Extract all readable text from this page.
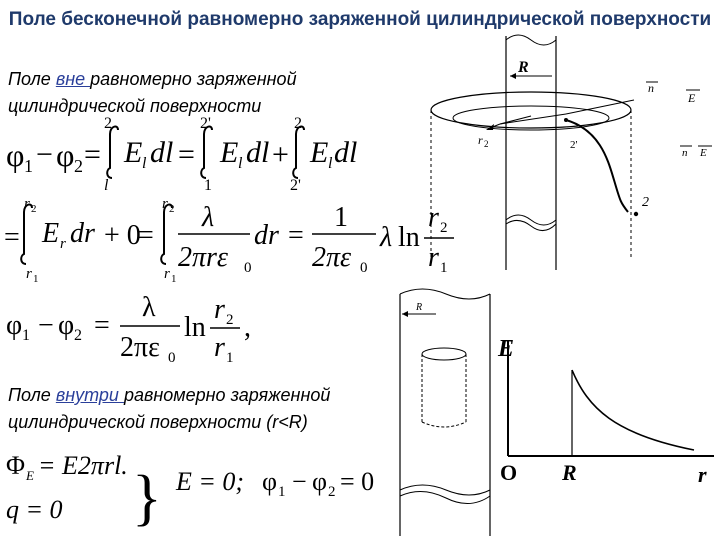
Поле бесконечной равномерно заряженной цилиндрической поверхности
Поле вне равномерно заряженной цилиндрической поверхности
Поле внутри равномерно заряженной цилиндрической поверхности (r<R)
φ 1 − φ 2 =
2
l
E l dl =
2'
1
E l dl +
2
2'
E l dl
=
r 2
r 1
E r dr + 0
=
r 2
r 1
λ
2πrε 0
dr =
1
2πε 0
λ ln
r 2
r 1
φ 1 − φ 2 =
λ
2πε 0
ln
r 2
r 1
,
Φ E = E2πrl.
q = 0 } E = 0; φ 1 − φ 2 = 0
R
r 2	2'
2
n
E
n E
R
E
O R	r
